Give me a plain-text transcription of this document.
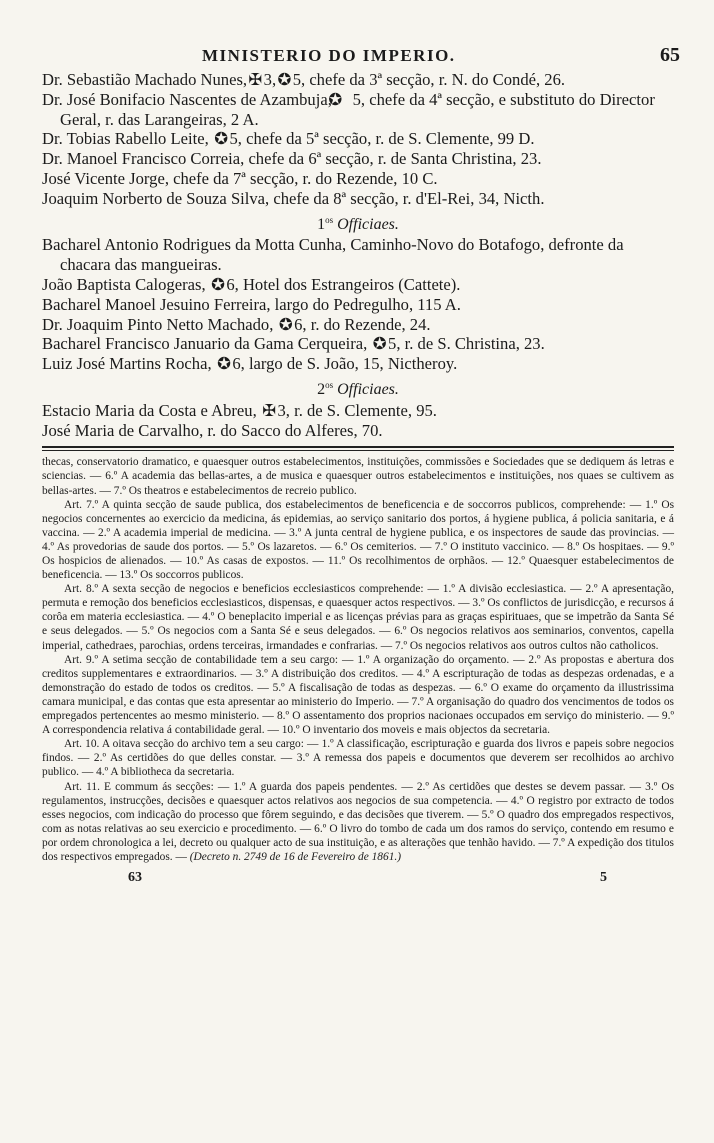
MINISTERIO DO IMPERIO.	65

Dr. Sebastião Machado Nunes,✠3,✪5, chefe da 3ª secção, r. N. do Condé, 26.

Dr. José Bonifacio Nascentes de Azambuja, ✪ 5, chefe da 4ª secção, e substituto do Director Geral, r. das Larangeiras, 2 A.

Dr. Tobias Rabello Leite, ✪5, chefe da 5ª secção, r. de S. Clemente, 99 D.

Dr. Manoel Francisco Correia, chefe da 6ª secção, r. de Santa Christina, 23.

José Vicente Jorge, chefe da 7ª secção, r. do Rezende, 10 C.

Joaquim Norberto de Souza Silva, chefe da 8ª secção, r. d'El-Rei, 34, Nicth.

$1^{os}$ Officiaes.

Bacharel Antonio Rodrigues da Motta Cunha, Caminho-Novo do Botafogo, defronte da chacara das mangueiras.

João Baptista Calogeras, ✪6, Hotel dos Estrangeiros (Cattete).

Bacharel Manoel Jesuino Ferreira, largo do Pedregulho, 115 A.

Dr. Joaquim Pinto Netto Machado, ✪6, r. do Rezende, 24.

Bacharel Francisco Januario da Gama Cerqueira, ✪5, r. de S. Christina, 23.

Luiz José Martins Rocha, ✪6, largo de S. João, 15, Nictheroy.

$2^{os}$ Officiaes.

Estacio Maria da Costa e Abreu, ✠3, r. de S. Clemente, 95.

José Maria de Carvalho, r. do Sacco do Alferes, 70.

thecas, conservatorio dramatico, e quaesquer outros estabelecimentos, instituições, commissões e Sociedades que se dediquem ás letras e sciencias. — 6.º A academia das bellas-artes, a de musica e quaesquer outros estabelecimentos e instituições, nos quaes se cultivem as bellas-artes. — 7.º Os theatros e estabelecimentos de recreio publico.

Art. 7.º A quinta secção de saude publica, dos estabelecimentos de beneficencia e de soccorros publicos, comprehende: — 1.º Os negocios concernentes ao exercicio da medicina, ás epidemias, ao serviço sanitario dos portos, á hygiene publica, á policia sanitaria, e á vaccina. — 2.º A academia imperial de medicina. — 3.º A junta central de hygiene publica, e os inspectores de saude das provincias. — 4.º As provedorias de saude dos portos. — 5.º Os lazaretos. — 6.º Os cemiterios. — 7.º O instituto vaccinico. — 8.º Os hospitaes. — 9.º Os hospicios de alienados. — 10.º As casas de expostos. — 11.º Os recolhimentos de orphãos. — 12.º Quaesquer estabelecimentos de beneficencia. — 13.º Os soccorros publicos.

Art. 8.º A sexta secção de negocios e beneficios ecclesiasticos comprehende: — 1.º A divisão ecclesiastica. — 2.º A apresentação, permuta e remoção dos beneficios ecclesiasticos, dispensas, e quaesquer actos respectivos. — 3.º Os conflictos de jurisdicção, e recursos á corôa em materia ecclesiastica. — 4.º O beneplacito imperial e as licenças prévias para as graças espirituaes, que se impetrão da Santa Sé e seus delegados. — 5.º Os negocios com a Santa Sé e seus delegados. — 6.º Os negocios relativos aos seminarios, conventos, capella imperial, cathedraes, parochias, ordens terceiras, irmandades e confrarias. — 7.º Os negocios relativos aos outros cultos não catholicos.

Art. 9.º A setima secção de contabilidade tem a seu cargo: — 1.º A organização do orçamento. — 2.º As propostas e abertura dos creditos supplementares e extraordinarios. — 3.º A distribuição dos creditos. — 4.º A escripturação de todas as despezas ordenadas, e a demonstração do estado de todos os creditos. — 5.º A fiscalisação de todas as despezas. — 6.º O exame do orçamento da illustrissima camara municipal, e das contas que esta apresentar ao ministerio do Imperio. — 7.º A organisação do quadro dos vencimentos de todos os empregados pertencentes ao mesmo ministerio. — 8.º O assentamento dos proprios nacionaes occupados em serviço do ministerio. — 9.º A correspondencia relativa á contabilidade geral. — 10.º O inventario dos moveis e mais objectos da secretaria.

Art. 10. A oitava secção do archivo tem a seu cargo: — 1.º A classificação, escripturação e guarda dos livros e papeis sobre negocios findos. — 2.º As certidões do que delles constar. — 3.º A remessa dos papeis e documentos que deverem ser recolhidos ao archivo publico. — 4.º A bibliotheca da secretaria.

Art. 11. E commum ás secções: — 1.º A guarda dos papeis pendentes. — 2.º As certidões que destes se devem passar. — 3.º Os regulamentos, instrucções, decisões e quaesquer actos relativos aos negocios de sua competencia. — 4.º O registro por extracto de todos esses negocios, com indicação do processo que fôrem seguindo, e das decisões que tiverem. — 5.º O quadro dos empregados respectivos, com as notas relativas ao seu exercicio e procedimento. — 6.º O livro do tombo de cada um dos ramos do serviço, contendo em resumo e por ordem chronologica a lei, decreto ou qualquer acto de sua instituição, e as alterações que tenhão havido. — 7.º A expedição dos titulos dos respectivos empregados. — (Decreto n. 2749 de 16 de Fevereiro de 1861.)

63	5
